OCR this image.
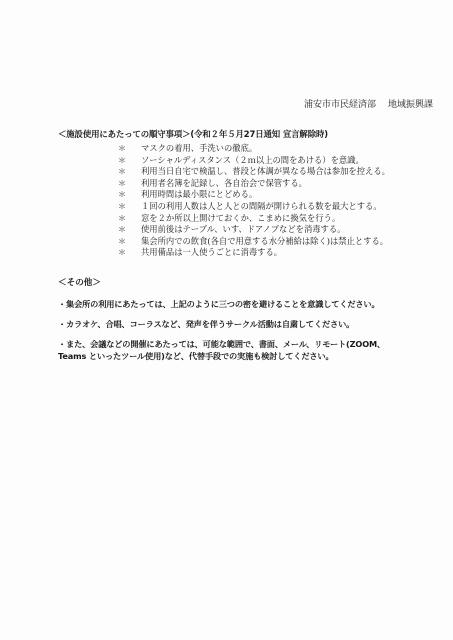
浦安市市民経済部 地域振興課
＜施設使用にあたっての順守事項＞(令和２年５月27日通知 宣言解除時)
＊	マスクの着用、手洗いの徹底。
＊	ソーシャルディスタンス（２ｍ以上の間をあける）を意識。
＊	利用当日自宅で検温し、普段と体調が異なる場合は参加を控える。
＊	利用者名簿を記録し、各自治会で保管する。
＊	利用時間は最小限にとどめる。
＊	１回の利用人数は人と人との間隔が開けられる数を最大とする。
＊	窓を２か所以上開けておくか、こまめに換気を行う。
＊	使用前後はテーブル、いす、ドアノブなどを消毒する。
＊	集会所内での飲食(各自で用意する水分補給は除く)は禁止とする。
＊	共用備品は一人使うごとに消毒する。
＜その他＞
・集会所の利用にあたっては、上記のように三つの密を避けることを意識してください。
・カラオケ、合唱、コーラスなど、発声を伴うサークル活動は自粛してください。
・また、会議などの開催にあたっては、可能な範囲で、書面、メール、リモート(ZOOM、
Teams といったツール使用)など、代替手段での実施も検討してください。
